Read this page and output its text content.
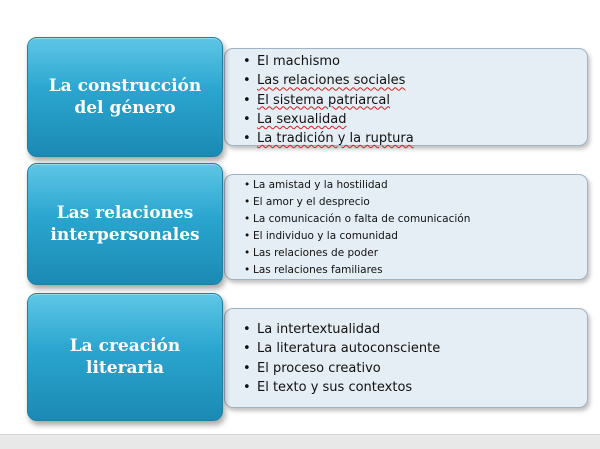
• El machismo
• Las relaciones sociales
• El sistema patriarcal
• La sexualidad
• La tradición y la ruptura
La construcción
del género
• La amistad y la hostilidad
• El amor y el desprecio
• La comunicación o falta de comunicación
• El individuo y la comunidad
• Las relaciones de poder
• Las relaciones familiares
Las relaciones
interpersonales
• La intertextualidad
• La literatura autoconsciente
• El proceso creativo
• El texto y sus contextos
La creación
literaria
